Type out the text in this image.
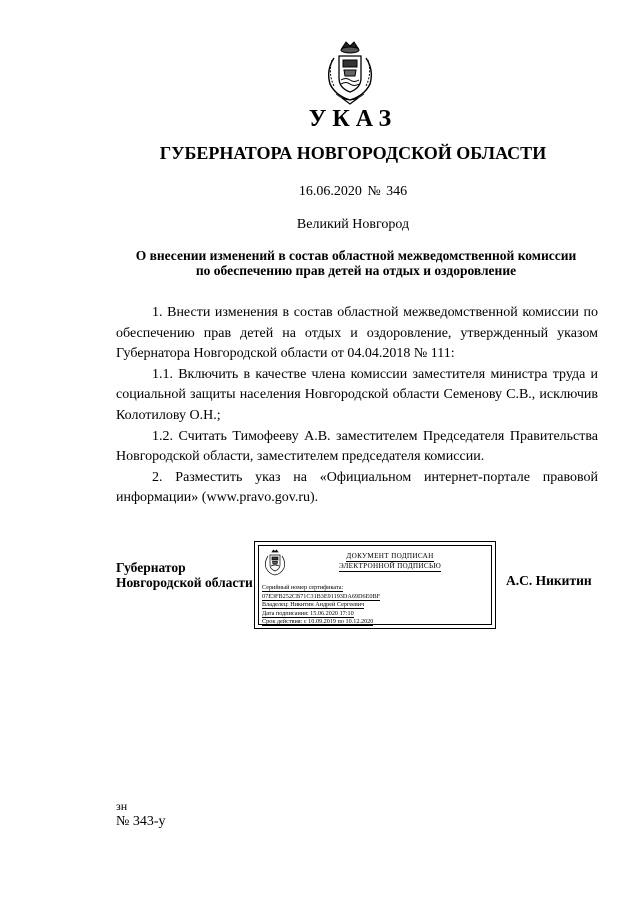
УКАЗ
ГУБЕРНАТОРА НОВГОРОДСКОЙ ОБЛАСТИ
16.06.2020 № 346
Великий Новгород
О внесении изменений в состав областной межведомственной комиссии
по обеспечению прав детей на отдых и оздоровление

1. Внести изменения в состав областной межведомственной комиссии по обеспечению прав детей на отдых и оздоровление, утвержденный указом Губернатора Новгородской области от 04.04.2018 № 111:

1.1. Включить в качестве члена комиссии заместителя министра труда и социальной защиты населения Новгородской области Семенову С.В., исключив Колотилову О.Н.;

1.2. Считать Тимофееву А.В. заместителем Председателя Правительства Новгородской области, заместителем председателя комиссии.

2. Разместить указ на «Официальном интернет-портале правовой информации» (www.pravo.gov.ru).

Губернатор
Новгородской области
ДОКУМЕНТ ПОДПИСАН
ЭЛЕКТРОННОЙ ПОДПИСЬЮ
Серийный номер сертификата:
07E3FB252CB71C31B3E91193DA69D6E0BF
Владелец: Никитин Андрей Сергеевич
Дата подписания: 15.06.2020 17:10
Срок действия: с 10.09.2019 по 10.12.2020
А.С. Никитин
зн
№ 343-у
